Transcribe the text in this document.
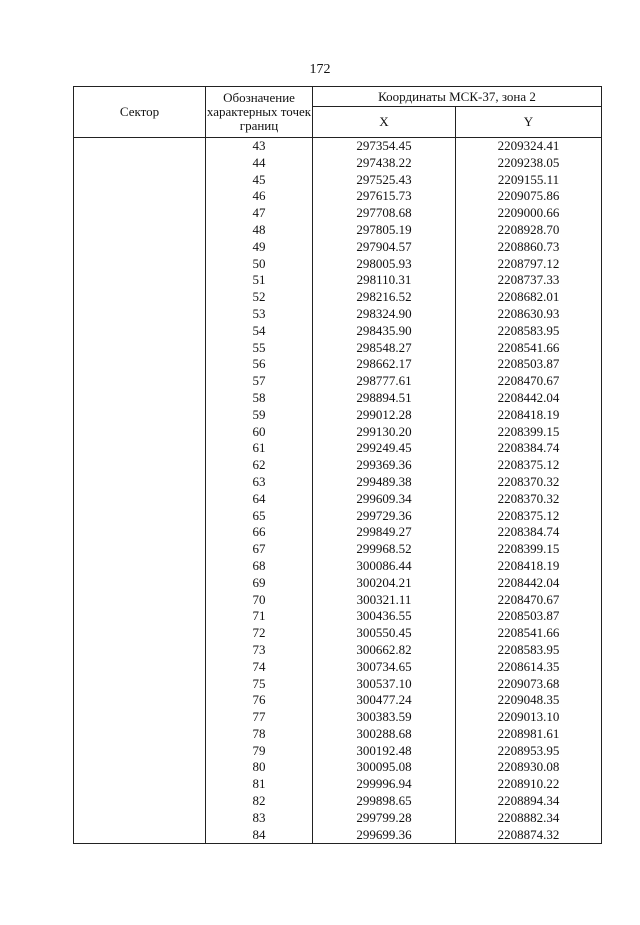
172
Сектор	Обозначение характерных точек границ	Координаты МСК-37, зона 2	
		X	Y
	43	297354.45	2209324.41
	44	297438.22	2209238.05
	45	297525.43	2209155.11
	46	297615.73	2209075.86
	47	297708.68	2209000.66
	48	297805.19	2208928.70
	49	297904.57	2208860.73
	50	298005.93	2208797.12
	51	298110.31	2208737.33
	52	298216.52	2208682.01
	53	298324.90	2208630.93
	54	298435.90	2208583.95
	55	298548.27	2208541.66
	56	298662.17	2208503.87
	57	298777.61	2208470.67
	58	298894.51	2208442.04
	59	299012.28	2208418.19
	60	299130.20	2208399.15
	61	299249.45	2208384.74
	62	299369.36	2208375.12
	63	299489.38	2208370.32
	64	299609.34	2208370.32
	65	299729.36	2208375.12
	66	299849.27	2208384.74
	67	299968.52	2208399.15
	68	300086.44	2208418.19
	69	300204.21	2208442.04
	70	300321.11	2208470.67
	71	300436.55	2208503.87
	72	300550.45	2208541.66
	73	300662.82	2208583.95
	74	300734.65	2208614.35
	75	300537.10	2209073.68
	76	300477.24	2209048.35
	77	300383.59	2209013.10
	78	300288.68	2208981.61
	79	300192.48	2208953.95
	80	300095.08	2208930.08
	81	299996.94	2208910.22
	82	299898.65	2208894.34
	83	299799.28	2208882.34
	84	299699.36	2208874.32
